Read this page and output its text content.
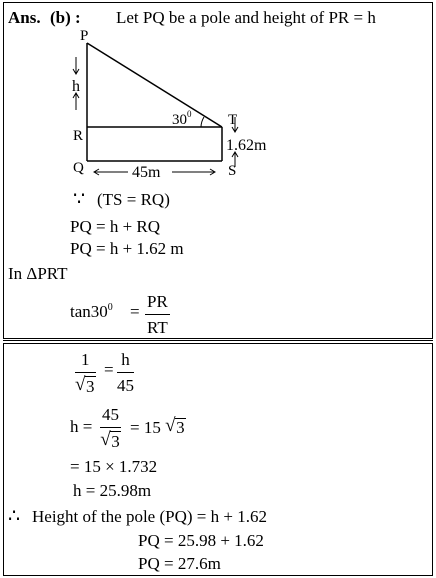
Ans. (b) : Let PQ be a pole and height of PR = h
P
h
R
Q
T
S
$30^0$
1.62m
45m
∵ (TS = RQ)
PQ = h + RQ
PQ = h + 1.62 m
In ΔPRT
$\tan 30^0 = \frac{PR}{RT}$
$\frac{1}{√ 3} = \frac{h}{45}$
$h = \frac{45}{√ 3} = 15$ √ 3
= 15 × 1.732
h = 25.98m
∴ Height of the pole (PQ) = h + 1.62
PQ = 25.98 + 1.62
PQ = 27.6m
